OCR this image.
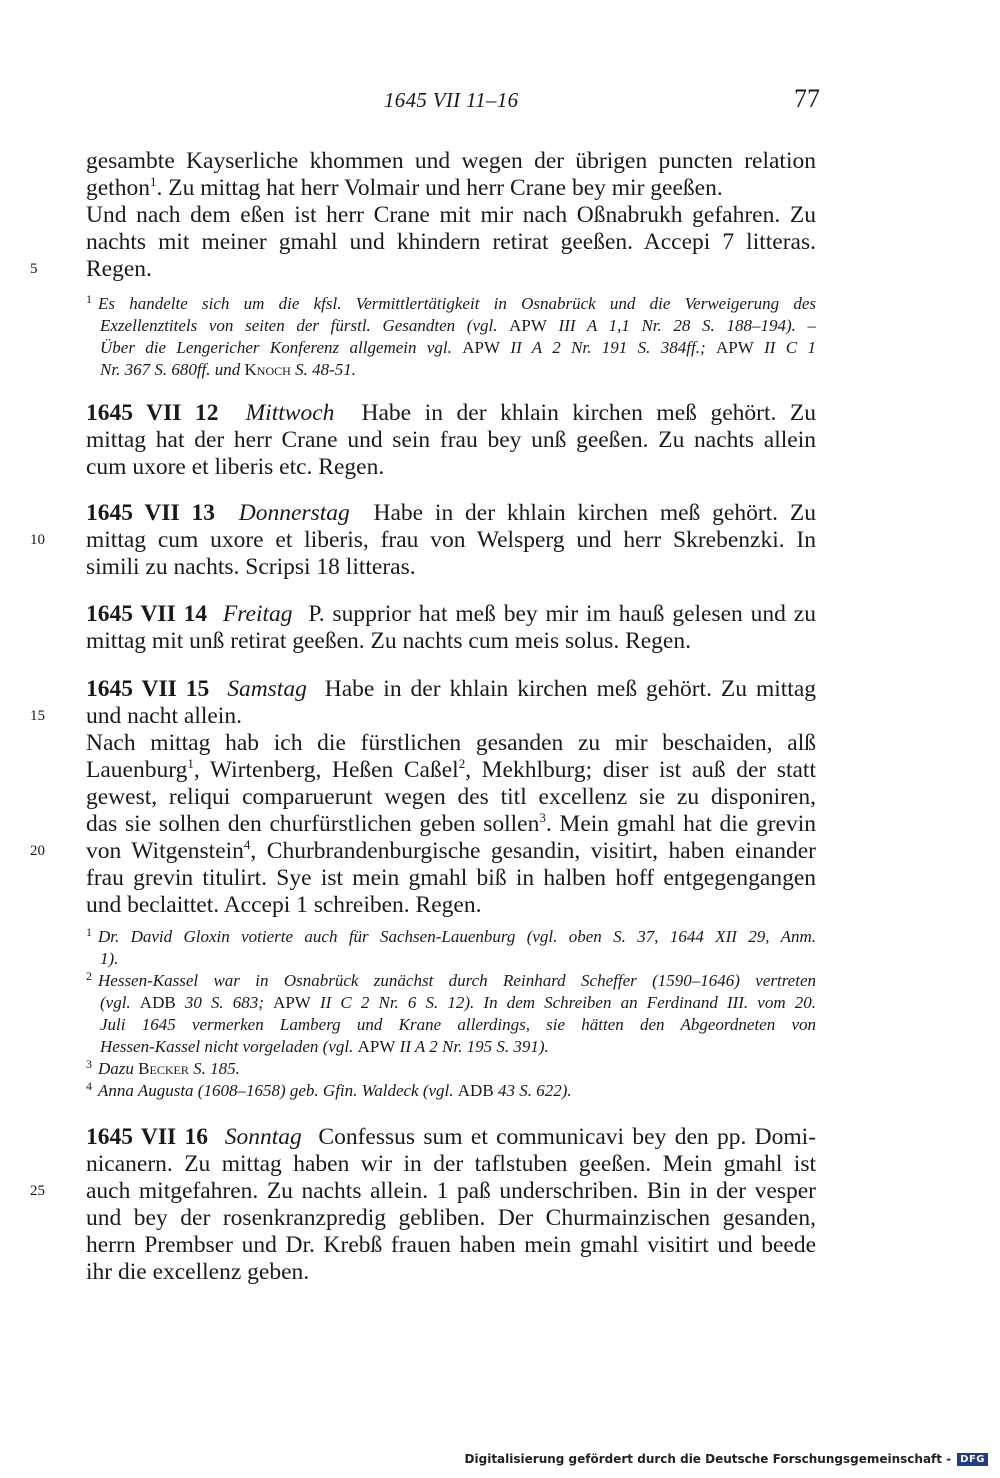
1645 VII 11–16	77
gesambte Kayserliche khommen und wegen der übrigen puncten relation
gethon$^1$. Zu mittag hat herr Volmair und herr Crane bey mir geeßen.
Und nach dem eßen ist herr Crane mit mir nach Oßnabrukh gefahren. Zu
nachts mit meiner gmahl und khindern retirat geeßen. Accepi 7 litteras.
5 Regen.
$^1$ Es handelte sich um die kfsl. Vermittlertätigkeit in Osnabrück und die Verweigerung des
Exzellenztitels von seiten der fürstl. Gesandten (vgl. APW III A 1,1 Nr. 28 S. 188–194). –
Über die Lengericher Konferenz allgemein vgl. APW II A 2 Nr. 191 S. 384ff.; APW II C 1
Nr. 367 S. 680ff. und Knoch S. 48-51.
1645 VII 12 Mittwoch Habe in der khlain kirchen meß gehört. Zu
mittag hat der herr Crane und sein frau bey unß geeßen. Zu nachts allein
cum uxore et liberis etc. Regen.
1645 VII 13 Donnerstag Habe in der khlain kirchen meß gehört. Zu
10 mittag cum uxore et liberis, frau von Welsperg und herr Skrebenzki. In
simili zu nachts. Scripsi 18 litteras.
1645 VII 14 Freitag P. supprior hat meß bey mir im hauß gelesen und zu
mittag mit unß retirat geeßen. Zu nachts cum meis solus. Regen.
1645 VII 15 Samstag Habe in der khlain kirchen meß gehört. Zu mittag
15 und nacht allein.
Nach mittag hab ich die fürstlichen gesanden zu mir beschaiden, alß
Lauenburg$^1$, Wirtenberg, Heßen Caßel$^2$, Mekhlburg; diser ist auß der statt
gewest, reliqui comparuerunt wegen des titl excellenz sie zu disponiren,
das sie solhen den churfürstlichen geben sollen$^3$. Mein gmahl hat die grevin
20 von Witgenstein$^4$, Churbrandenburgische gesandin, visitirt, haben einander
frau grevin titulirt. Sye ist mein gmahl biß in halben hoff entgegengangen
und beclaittet. Accepi 1 schreiben. Regen.
$^1$ Dr. David Gloxin votierte auch für Sachsen-Lauenburg (vgl. oben S. 37, 1644 XII 29, Anm.
1).
$^2$ Hessen-Kassel war in Osnabrück zunächst durch Reinhard Scheffer (1590–1646) vertreten
(vgl. ADB 30 S. 683; APW II C 2 Nr. 6 S. 12). In dem Schreiben an Ferdinand III. vom 20.
Juli 1645 vermerken Lamberg und Krane allerdings, sie hätten den Abgeordneten von
Hessen-Kassel nicht vorgeladen (vgl. APW II A 2 Nr. 195 S. 391).
$^3$ Dazu Becker S. 185.
$^4$ Anna Augusta (1608–1658) geb. Gfin. Waldeck (vgl. ADB 43 S. 622).
1645 VII 16 Sonntag Confessus sum et communicavi bey den pp. Domi-
nicanern. Zu mittag haben wir in der taflstuben geeßen. Mein gmahl ist
25 auch mitgefahren. Zu nachts allein. 1 paß underschriben. Bin in der vesper
und bey der rosenkranzpredig gebliben. Der Churmainzischen gesanden,
herrn Prembser und Dr. Krebß frauen haben mein gmahl visitirt und beede
ihr die excellenz geben.
Digitalisierung gefördert durch die Deutsche Forschungsgemeinschaft - DFG
